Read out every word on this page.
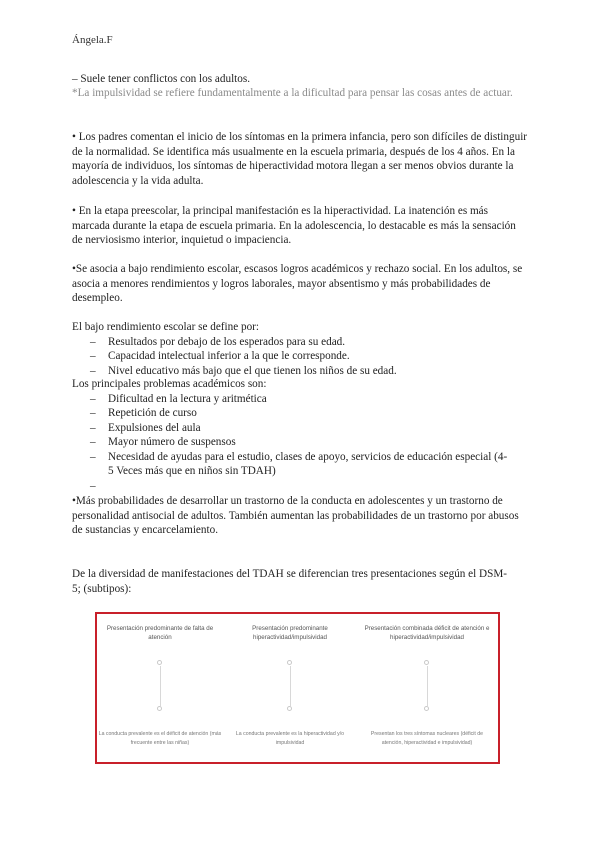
Ángela.F
– Suele tener conflictos con los adultos.
*La impulsividad se refiere fundamentalmente a la dificultad para pensar las cosas antes de actuar.
• Los padres comentan el inicio de los síntomas en la primera infancia, pero son difíciles de distinguir de la normalidad. Se identifica más usualmente en la escuela primaria, después de los 4 años. En la mayoría de individuos, los síntomas de hiperactividad motora llegan a ser menos obvios durante la adolescencia y la vida adulta.
• En la etapa preescolar, la principal manifestación es la hiperactividad. La inatención es más marcada durante la etapa de escuela primaria. En la adolescencia, lo destacable es más la sensación de nerviosismo interior, inquietud o impaciencia.
•Se asocia a bajo rendimiento escolar, escasos logros académicos y rechazo social. En los adultos, se asocia a menores rendimientos y logros laborales, mayor absentismo y más probabilidades de desempleo.
El bajo rendimiento escolar se define por:
– Resultados por debajo de los esperados para su edad.
– Capacidad intelectual inferior a la que le corresponde.
– Nivel educativo más bajo que el que tienen los niños de su edad.
Los principales problemas académicos son:
– Dificultad en la lectura y aritmética
– Repetición de curso
– Expulsiones del aula
– Mayor número de suspensos
– Necesidad de ayudas para el estudio, clases de apoyo, servicios de educación especial (4-5 Veces más que en niños sin TDAH)
–
•Más probabilidades de desarrollar un trastorno de la conducta en adolescentes y un trastorno de personalidad antisocial de adultos. También aumentan las probabilidades de un trastorno por abusos de sustancias y encarcelamiento.
De la diversidad de manifestaciones del TDAH se diferencian tres presentaciones según el DSM-5; (subtipos):
Presentación predominante de falta de atención
La conducta prevalente es el déficit de atención (más frecuente entre las niñas)
Presentación predominante hiperactividad/impulsividad
La conducta prevalente es la hiperactividad y/o impulsividad
Presentación combinada déficit de atención e hiperactividad/impulsividad
Presentan los tres síntomas nucleares (déficit de atención, hiperactividad e impulsividad)
